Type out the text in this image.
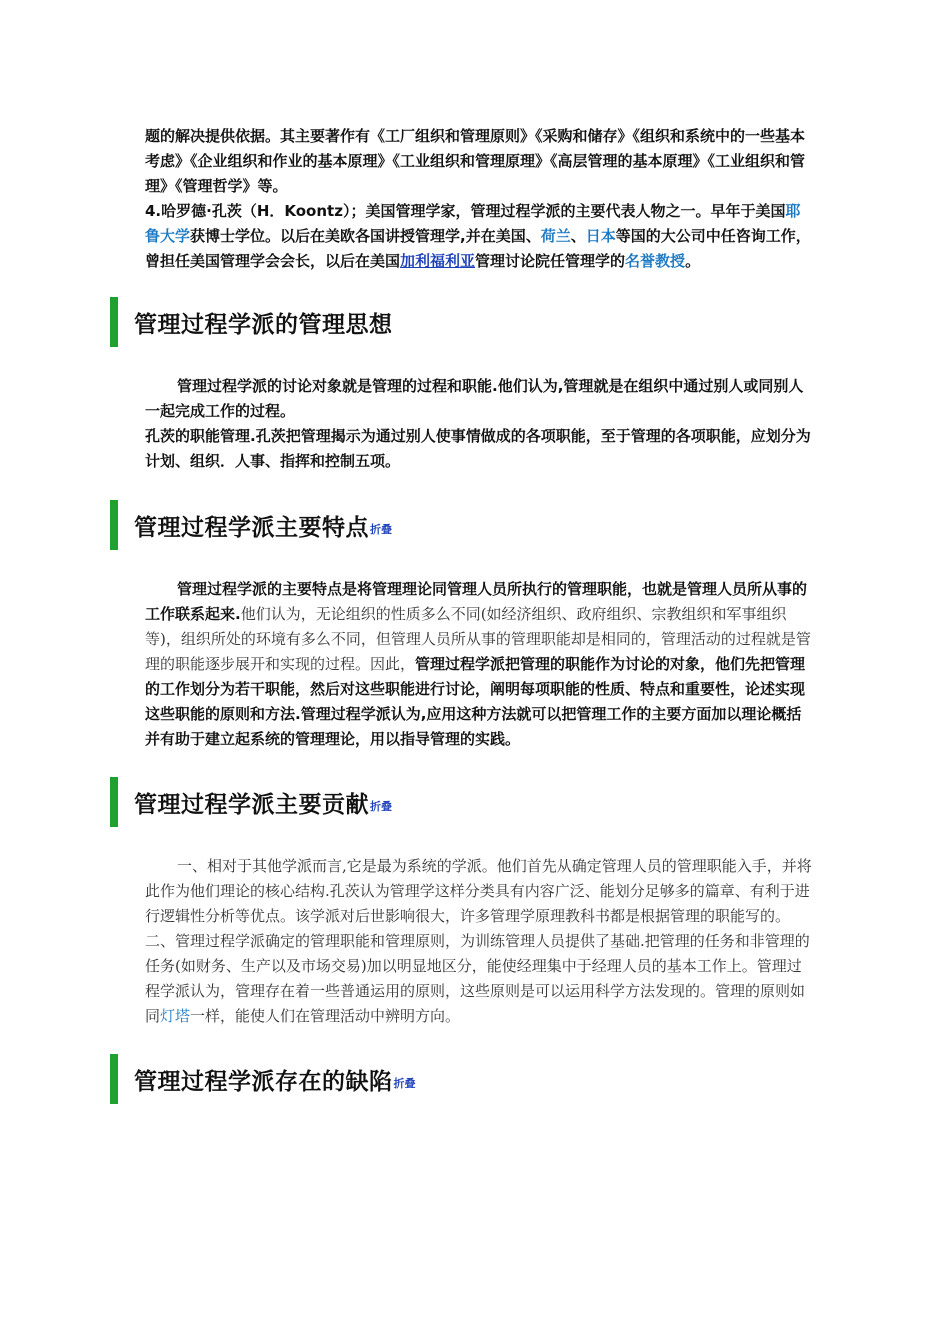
题的解决提供依据。其主要著作有《工厂组织和管理原则》《采购和储存》《组织和系统中的一些基本考虑》《企业组织和作业的基本原理》《工业组织和管理原理》《高层管理的基本原理》《工业组织和管理》《管理哲学》等。

4.哈罗德·孔茨（H．Koontz）；美国管理学家，管理过程学派的主要代表人物之一。早年于美国耶鲁大学获博士学位。以后在美欧各国讲授管理学,并在美国、荷兰、日本等国的大公司中任咨询工作，曾担任美国管理学会会长，以后在美国加利福利亚管理讨论院任管理学的名誉教授。

管理过程学派的管理思想

管理过程学派的讨论对象就是管理的过程和职能.他们认为,管理就是在组织中通过别人或同别人一起完成工作的过程。

孔茨的职能管理.孔茨把管理揭示为通过别人使事情做成的各项职能，至于管理的各项职能，应划分为计划、组织．人事、指挥和控制五项。

管理过程学派主要特点 折叠

管理过程学派的主要特点是将管理理论同管理人员所执行的管理职能，也就是管理人员所从事的工作联系起来.他们认为，无论组织的性质多么不同(如经济组织、政府组织、宗教组织和军事组织等)，组织所处的环境有多么不同，但管理人员所从事的管理职能却是相同的，管理活动的过程就是管理的职能逐步展开和实现的过程。因此，管理过程学派把管理的职能作为讨论的对象，他们先把管理的工作划分为若干职能，然后对这些职能进行讨论，阐明每项职能的性质、特点和重要性，论述实现这些职能的原则和方法.管理过程学派认为,应用这种方法就可以把管理工作的主要方面加以理论概括并有助于建立起系统的管理理论，用以指导管理的实践。

管理过程学派主要贡献 折叠

一、相对于其他学派而言,它是最为系统的学派。他们首先从确定管理人员的管理职能入手，并将此作为他们理论的核心结构.孔茨认为管理学这样分类具有内容广泛、能划分足够多的篇章、有利于进行逻辑性分析等优点。该学派对后世影响很大，许多管理学原理教科书都是根据管理的职能写的。

二、管理过程学派确定的管理职能和管理原则，为训练管理人员提供了基础.把管理的任务和非管理的任务(如财务、生产以及市场交易)加以明显地区分，能使经理集中于经理人员的基本工作上。管理过程学派认为，管理存在着一些普通运用的原则，这些原则是可以运用科学方法发现的。管理的原则如同灯塔一样，能使人们在管理活动中辨明方向。

管理过程学派存在的缺陷 折叠
